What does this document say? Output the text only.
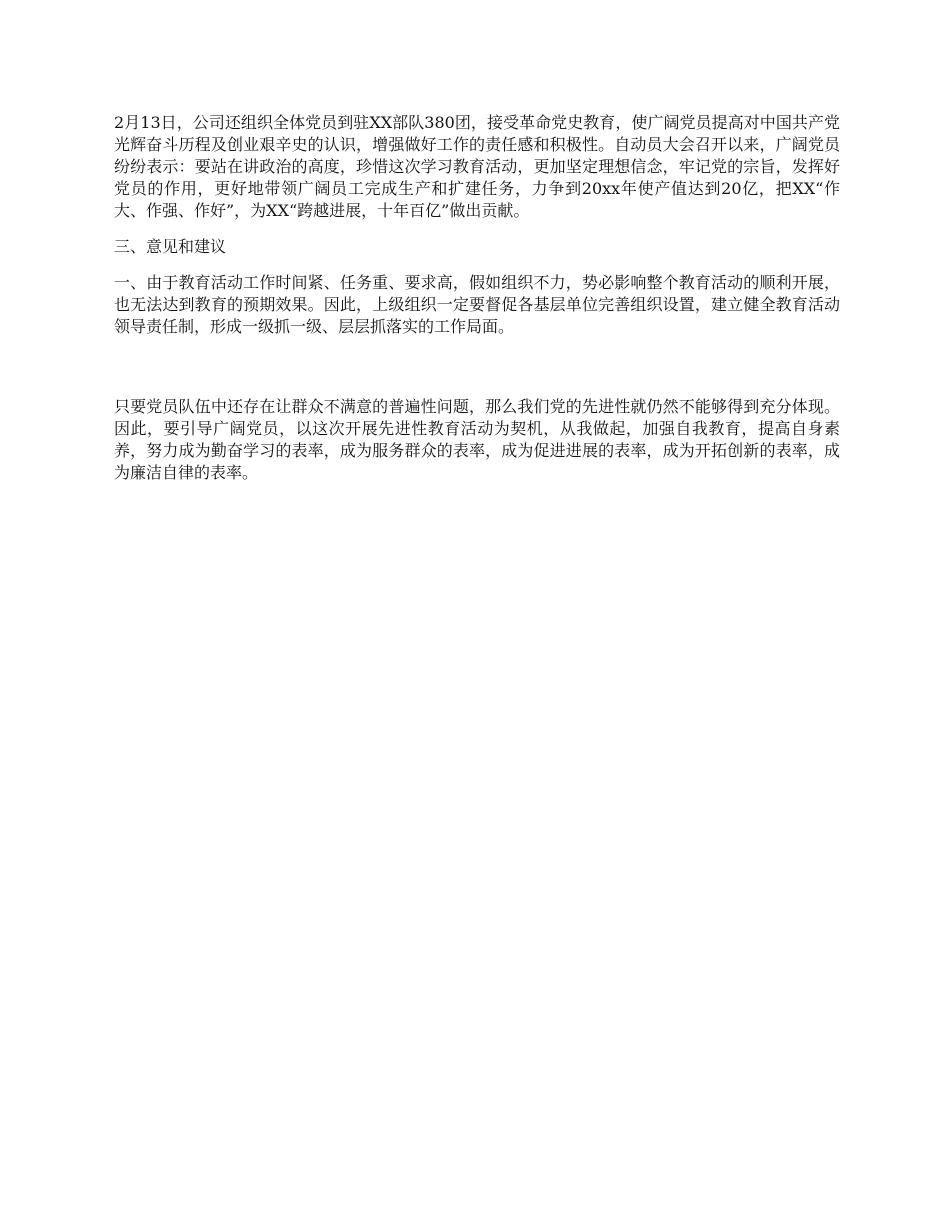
2月13日，公司还组织全体党员到驻XX部队380团，接受革命党史教育，使广阔党员提高对中国共产党光辉奋斗历程及创业艰辛史的认识，增强做好工作的责任感和积极性。自动员大会召开以来，广阔党员纷纷表示：要站在讲政治的高度，珍惜这次学习教育活动，更加坚定理想信念，牢记党的宗旨，发挥好党员的作用，更好地带领广阔员工完成生产和扩建任务，力争到20xx年使产值达到20亿，把XX“作大、作强、作好”，为XX“跨越进展，十年百亿”做出贡献。

三、意见和建议

一、由于教育活动工作时间紧、任务重、要求高，假如组织不力，势必影响整个教育活动的顺利开展，也无法达到教育的预期效果。因此，上级组织一定要督促各基层单位完善组织设置，建立健全教育活动领导责任制，形成一级抓一级、层层抓落实的工作局面。

只要党员队伍中还存在让群众不满意的普遍性问题，那么我们党的先进性就仍然不能够得到充分体现。因此，要引导广阔党员，以这次开展先进性教育活动为契机，从我做起，加强自我教育，提高自身素养，努力成为勤奋学习的表率，成为服务群众的表率，成为促进进展的表率，成为开拓创新的表率，成为廉洁自律的表率。
